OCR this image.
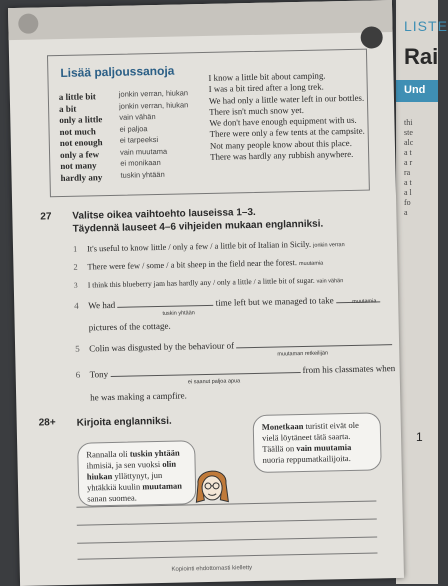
LISTE
Rai
Und
thi
ste
alc
a t
a r
ra
a t
a l
fo
a
1
Lisää paljoussanoja
a little bit
a bit
only a little
not much
not enough
only a few
not many
hardly any
jonkin verran, hiukan
jonkin verran, hiukan
vain vähän
ei paljoa
ei tarpeeksi
vain muutama
ei monikaan
tuskin yhtään
I know a little bit about camping.
I was a bit tired after a long trek.
We had only a little water left in our bottles.
There isn't much snow yet.
We don't have enough equipment with us.
There were only a few tents at the campsite.
Not many people know about this place.
There was hardly any rubbish anywhere.
27 Valitse oikea vaihtoehto lauseissa 1–3.
Täydennä lauseet 4–6 vihjeiden mukaan englanniksi.
1 It's useful to know little / only a few / a little bit of Italian in Sicily. jonkin verran
2 There were few / some / a bit sheep in the field near the forest. muutamia
3 I think this blueberry jam has hardly any / only a little / a little bit of sugar. vain vähän
4 We had	time left but we managed to take
tuskin yhtään
muutamia
pictures of the cottage.
5 Colin was disgusted by the behaviour of
muutaman retkeilijän
6 Tony	from his classmates when
ei saanut paljoa apua
he was making a campfire.
28+ Kirjoita englanniksi.
Rannalla oli tuskin yhtään ihmisiä, ja sen vuoksi olin hiukan yllättynyt, jun yhtäkkiä kuulin muutaman sanan suomea.
Monetkaan turistit eivät ole vielä löytäneet tätä saarta. Täällä on vain muutamia nuoria reppumatkailijoita.
Kopiointi ehdottomasti kielletty
